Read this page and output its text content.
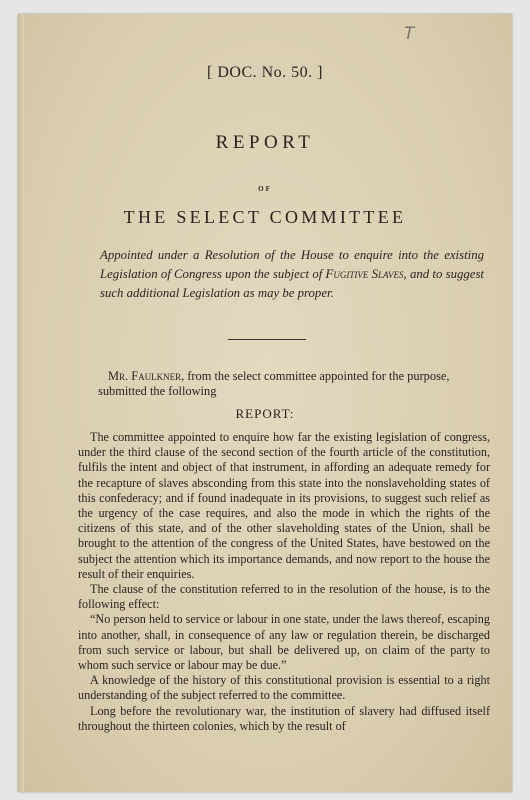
T
[ DOC. No. 50. ]
REPORT
OF
THE SELECT COMMITTEE
Appointed under a Resolution of the House to enquire into the existing Legislation of Congress upon the subject of Fugitive Slaves, and to suggest such additional Legislation as may be proper.

Mr. Faulkner, from the select committee appointed for the purpose, submitted the following

REPORT:

The committee appointed to enquire how far the existing legislation of congress, under the third clause of the second section of the fourth article of the constitution, fulfils the intent and object of that instrument, in affording an adequate remedy for the recapture of slaves absconding from this state into the nonslaveholding states of this confederacy; and if found inadequate in its provisions, to suggest such relief as the urgency of the case requires, and also the mode in which the rights of the citizens of this state, and of the other slaveholding states of the Union, shall be brought to the attention of the congress of the United States, have bestowed on the subject the attention which its importance demands, and now report to the house the result of their enquiries.

The clause of the constitution referred to in the resolution of the house, is to the following effect:

“No person held to service or labour in one state, under the laws thereof, escaping into another, shall, in consequence of any law or regulation therein, be discharged from such service or labour, but shall be delivered up, on claim of the party to whom such service or labour may be due.”

A knowledge of the history of this constitutional provision is essential to a right understanding of the subject referred to the committee.

Long before the revolutionary war, the institution of slavery had diffused itself throughout the thirteen colonies, which by the result of
